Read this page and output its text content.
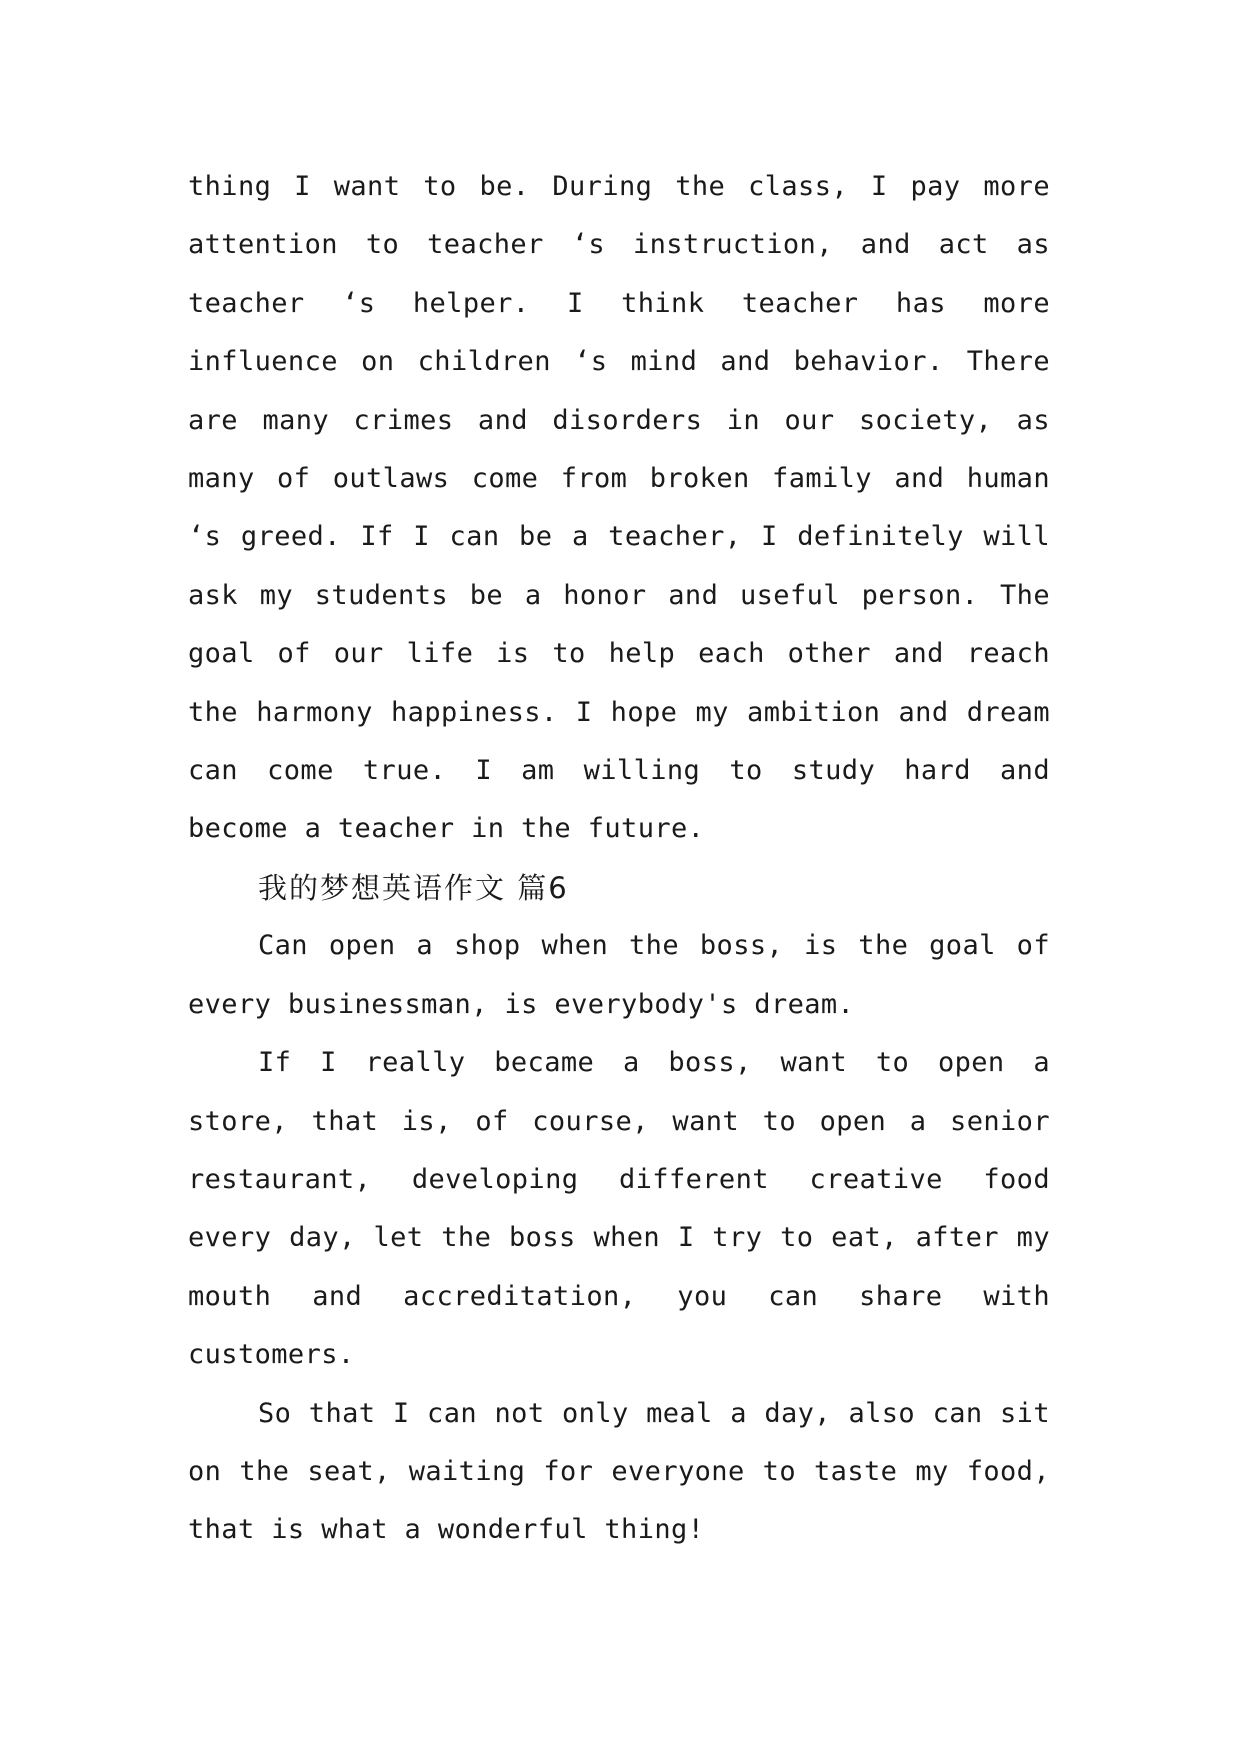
thing I want to be. During the class, I pay more attention to teacher ‘s instruction, and act as teacher ‘s helper. I think teacher has more influence on children ‘s mind and behavior. There are many crimes and disorders in our society, as many of outlaws come from broken family and human ‘s greed. If I can be a teacher, I definitely will ask my students be a honor and useful person. The goal of our life is to help each other and reach the harmony happiness. I hope my ambition and dream can come true. I am willing to study hard and become a teacher in the future.

我的梦想英语作文 篇6

Can open a shop when the boss, is the goal of every businessman, is everybody's dream.

If I really became a boss, want to open a store, that is, of course, want to open a senior restaurant, developing different creative food every day, let the boss when I try to eat, after my mouth and accreditation, you can share with customers.

So that I can not only meal a day, also can sit on the seat, waiting for everyone to taste my food, that is what a wonderful thing!
